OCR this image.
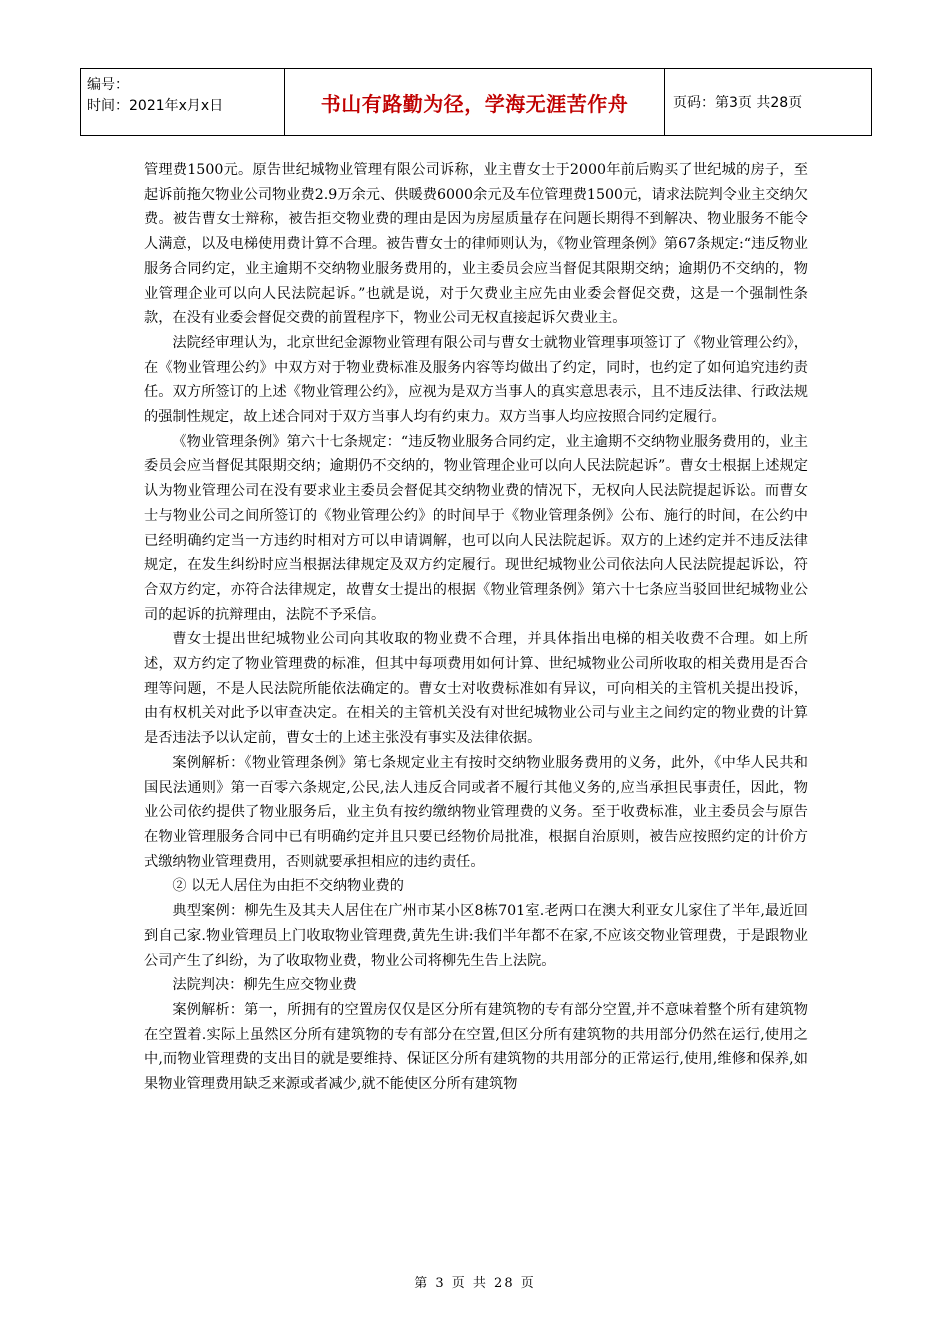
编号：
时间：2021年x月x日	书山有路勤为径，学海无涯苦作舟	页码：第3页 共28页

管理费1500元。原告世纪城物业管理有限公司诉称，业主曹女士于2000年前后购买了世纪城的房子，至起诉前拖欠物业公司物业费2.9万余元、供暖费6000余元及车位管理费1500元，请求法院判令业主交纳欠费。被告曹女士辩称，被告拒交物业费的理由是因为房屋质量存在问题长期得不到解决、物业服务不能令人满意，以及电梯使用费计算不合理。被告曹女士的律师则认为，《物业管理条例》第67条规定:“违反物业服务合同约定，业主逾期不交纳物业服务费用的，业主委员会应当督促其限期交纳；逾期仍不交纳的，物业管理企业可以向人民法院起诉。”也就是说，对于欠费业主应先由业委会督促交费，这是一个强制性条款，在没有业委会督促交费的前置程序下，物业公司无权直接起诉欠费业主。

法院经审理认为，北京世纪金源物业管理有限公司与曹女士就物业管理事项签订了《物业管理公约》，在《物业管理公约》中双方对于物业费标准及服务内容等均做出了约定，同时，也约定了如何追究违约责任。双方所签订的上述《物业管理公约》，应视为是双方当事人的真实意思表示，且不违反法律、行政法规的强制性规定，故上述合同对于双方当事人均有约束力。双方当事人均应按照合同约定履行。

《物业管理条例》第六十七条规定：“违反物业服务合同约定，业主逾期不交纳物业服务费用的，业主委员会应当督促其限期交纳；逾期仍不交纳的，物业管理企业可以向人民法院起诉”。曹女士根据上述规定认为物业管理公司在没有要求业主委员会督促其交纳物业费的情况下，无权向人民法院提起诉讼。而曹女士与物业公司之间所签订的《物业管理公约》的时间早于《物业管理条例》公布、施行的时间，在公约中已经明确约定当一方违约时相对方可以申请调解，也可以向人民法院起诉。双方的上述约定并不违反法律规定，在发生纠纷时应当根据法律规定及双方约定履行。现世纪城物业公司依法向人民法院提起诉讼，符合双方约定，亦符合法律规定，故曹女士提出的根据《物业管理条例》第六十七条应当驳回世纪城物业公司的起诉的抗辩理由，法院不予采信。

曹女士提出世纪城物业公司向其收取的物业费不合理，并具体指出电梯的相关收费不合理。如上所述，双方约定了物业管理费的标准，但其中每项费用如何计算、世纪城物业公司所收取的相关费用是否合理等问题，不是人民法院所能依法确定的。曹女士对收费标准如有异议，可向相关的主管机关提出投诉，由有权机关对此予以审查决定。在相关的主管机关没有对世纪城物业公司与业主之间约定的物业费的计算是否违法予以认定前，曹女士的上述主张没有事实及法律依据。

案例解析：《物业管理条例》第七条规定业主有按时交纳物业服务费用的义务，此外，《中华人民共和国民法通则》第一百零六条规定,公民,法人违反合同或者不履行其他义务的,应当承担民事责任，因此，物业公司依约提供了物业服务后，业主负有按约缴纳物业管理费的义务。至于收费标准，业主委员会与原告在物业管理服务合同中已有明确约定并且只要已经物价局批准，根据自治原则，被告应按照约定的计价方式缴纳物业管理费用，否则就要承担相应的违约责任。

② 以无人居住为由拒不交纳物业费的

典型案例：柳先生及其夫人居住在广州市某小区8栋701室.老两口在澳大利亚女儿家住了半年,最近回到自己家.物业管理员上门收取物业管理费,黄先生讲:我们半年都不在家,不应该交物业管理费，于是跟物业公司产生了纠纷，为了收取物业费，物业公司将柳先生告上法院。

法院判决：柳先生应交物业费

案例解析：第一，所拥有的空置房仅仅是区分所有建筑物的专有部分空置,并不意味着整个所有建筑物在空置着.实际上虽然区分所有建筑物的专有部分在空置,但区分所有建筑物的共用部分仍然在运行,使用之中,而物业管理费的支出目的就是要维持、保证区分所有建筑物的共用部分的正常运行,使用,维修和保养,如果物业管理费用缺乏来源或者减少,就不能使区分所有建筑物

第 3 页 共 28 页
